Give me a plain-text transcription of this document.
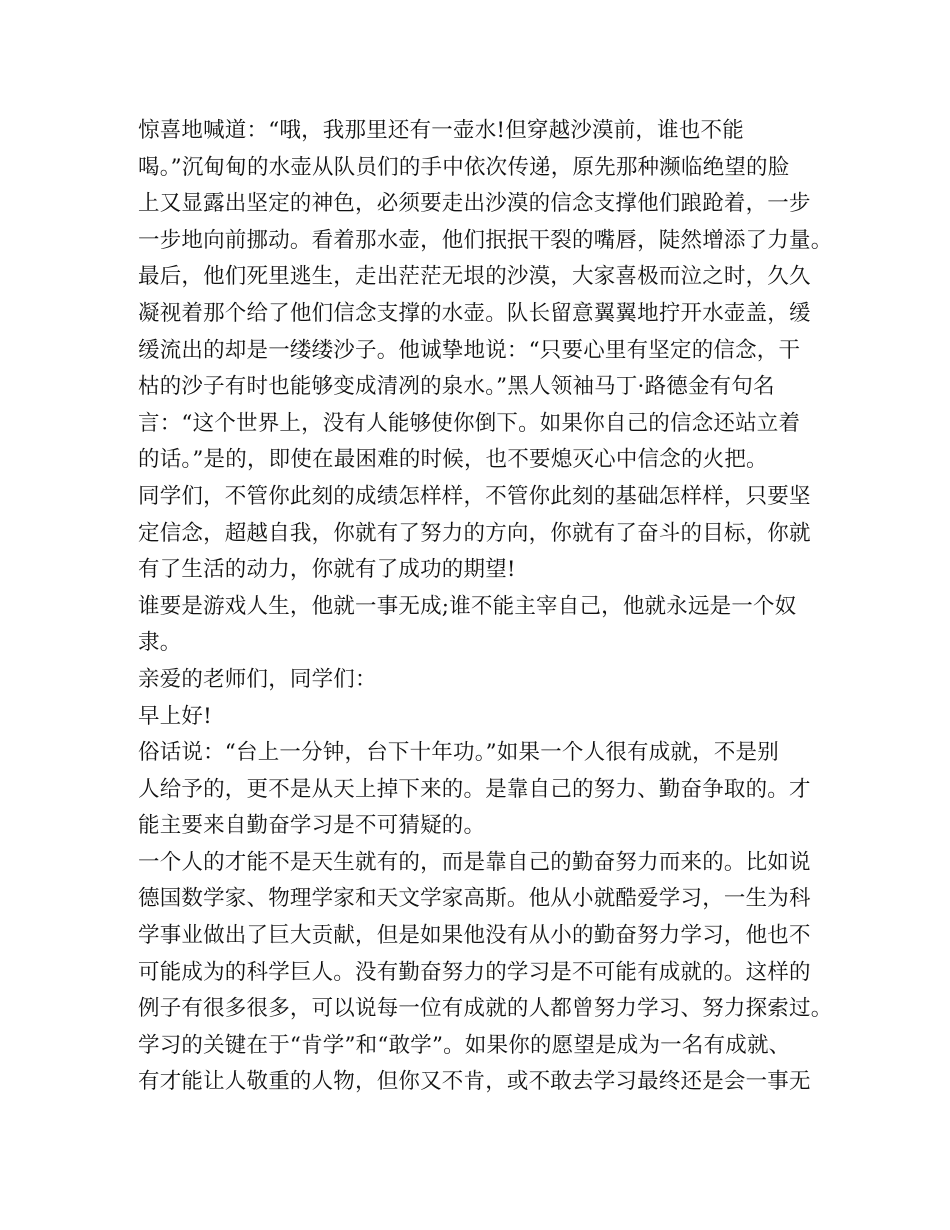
惊喜地喊道：“哦，我那里还有一壶水!但穿越沙漠前，谁也不能
喝。”沉甸甸的水壶从队员们的手中依次传递，原先那种濒临绝望的脸
上又显露出坚定的神色，必须要走出沙漠的信念支撑他们踉跄着，一步
一步地向前挪动。看着那水壶，他们抿抿干裂的嘴唇，陡然增添了力量。
最后，他们死里逃生，走出茫茫无垠的沙漠，大家喜极而泣之时，久久
凝视着那个给了他们信念支撑的水壶。队长留意翼翼地拧开水壶盖，缓
缓流出的却是一缕缕沙子。他诚挚地说：“只要心里有坚定的信念，干
枯的沙子有时也能够变成清冽的泉水。”黑人领袖马丁·路德金有句名
言：“这个世界上，没有人能够使你倒下。如果你自己的信念还站立着
的话。”是的，即使在最困难的时候，也不要熄灭心中信念的火把。
同学们，不管你此刻的成绩怎样样，不管你此刻的基础怎样样，只要坚
定信念，超越自我，你就有了努力的方向，你就有了奋斗的目标，你就
有了生活的动力，你就有了成功的期望!
谁要是游戏人生，他就一事无成;谁不能主宰自己，他就永远是一个奴
隶。
亲爱的老师们，同学们：
早上好!
俗话说：“台上一分钟，台下十年功。”如果一个人很有成就，不是别
人给予的，更不是从天上掉下来的。是靠自己的努力、勤奋争取的。才
能主要来自勤奋学习是不可猜疑的。
一个人的才能不是天生就有的，而是靠自己的勤奋努力而来的。比如说
德国数学家、物理学家和天文学家高斯。他从小就酷爱学习，一生为科
学事业做出了巨大贡献，但是如果他没有从小的勤奋努力学习，他也不
可能成为的科学巨人。没有勤奋努力的学习是不可能有成就的。这样的
例子有很多很多，可以说每一位有成就的人都曾努力学习、努力探索过。
学习的关键在于“肯学”和“敢学”。如果你的愿望是成为一名有成就、
有才能让人敬重的人物，但你又不肯，或不敢去学习最终还是会一事无
